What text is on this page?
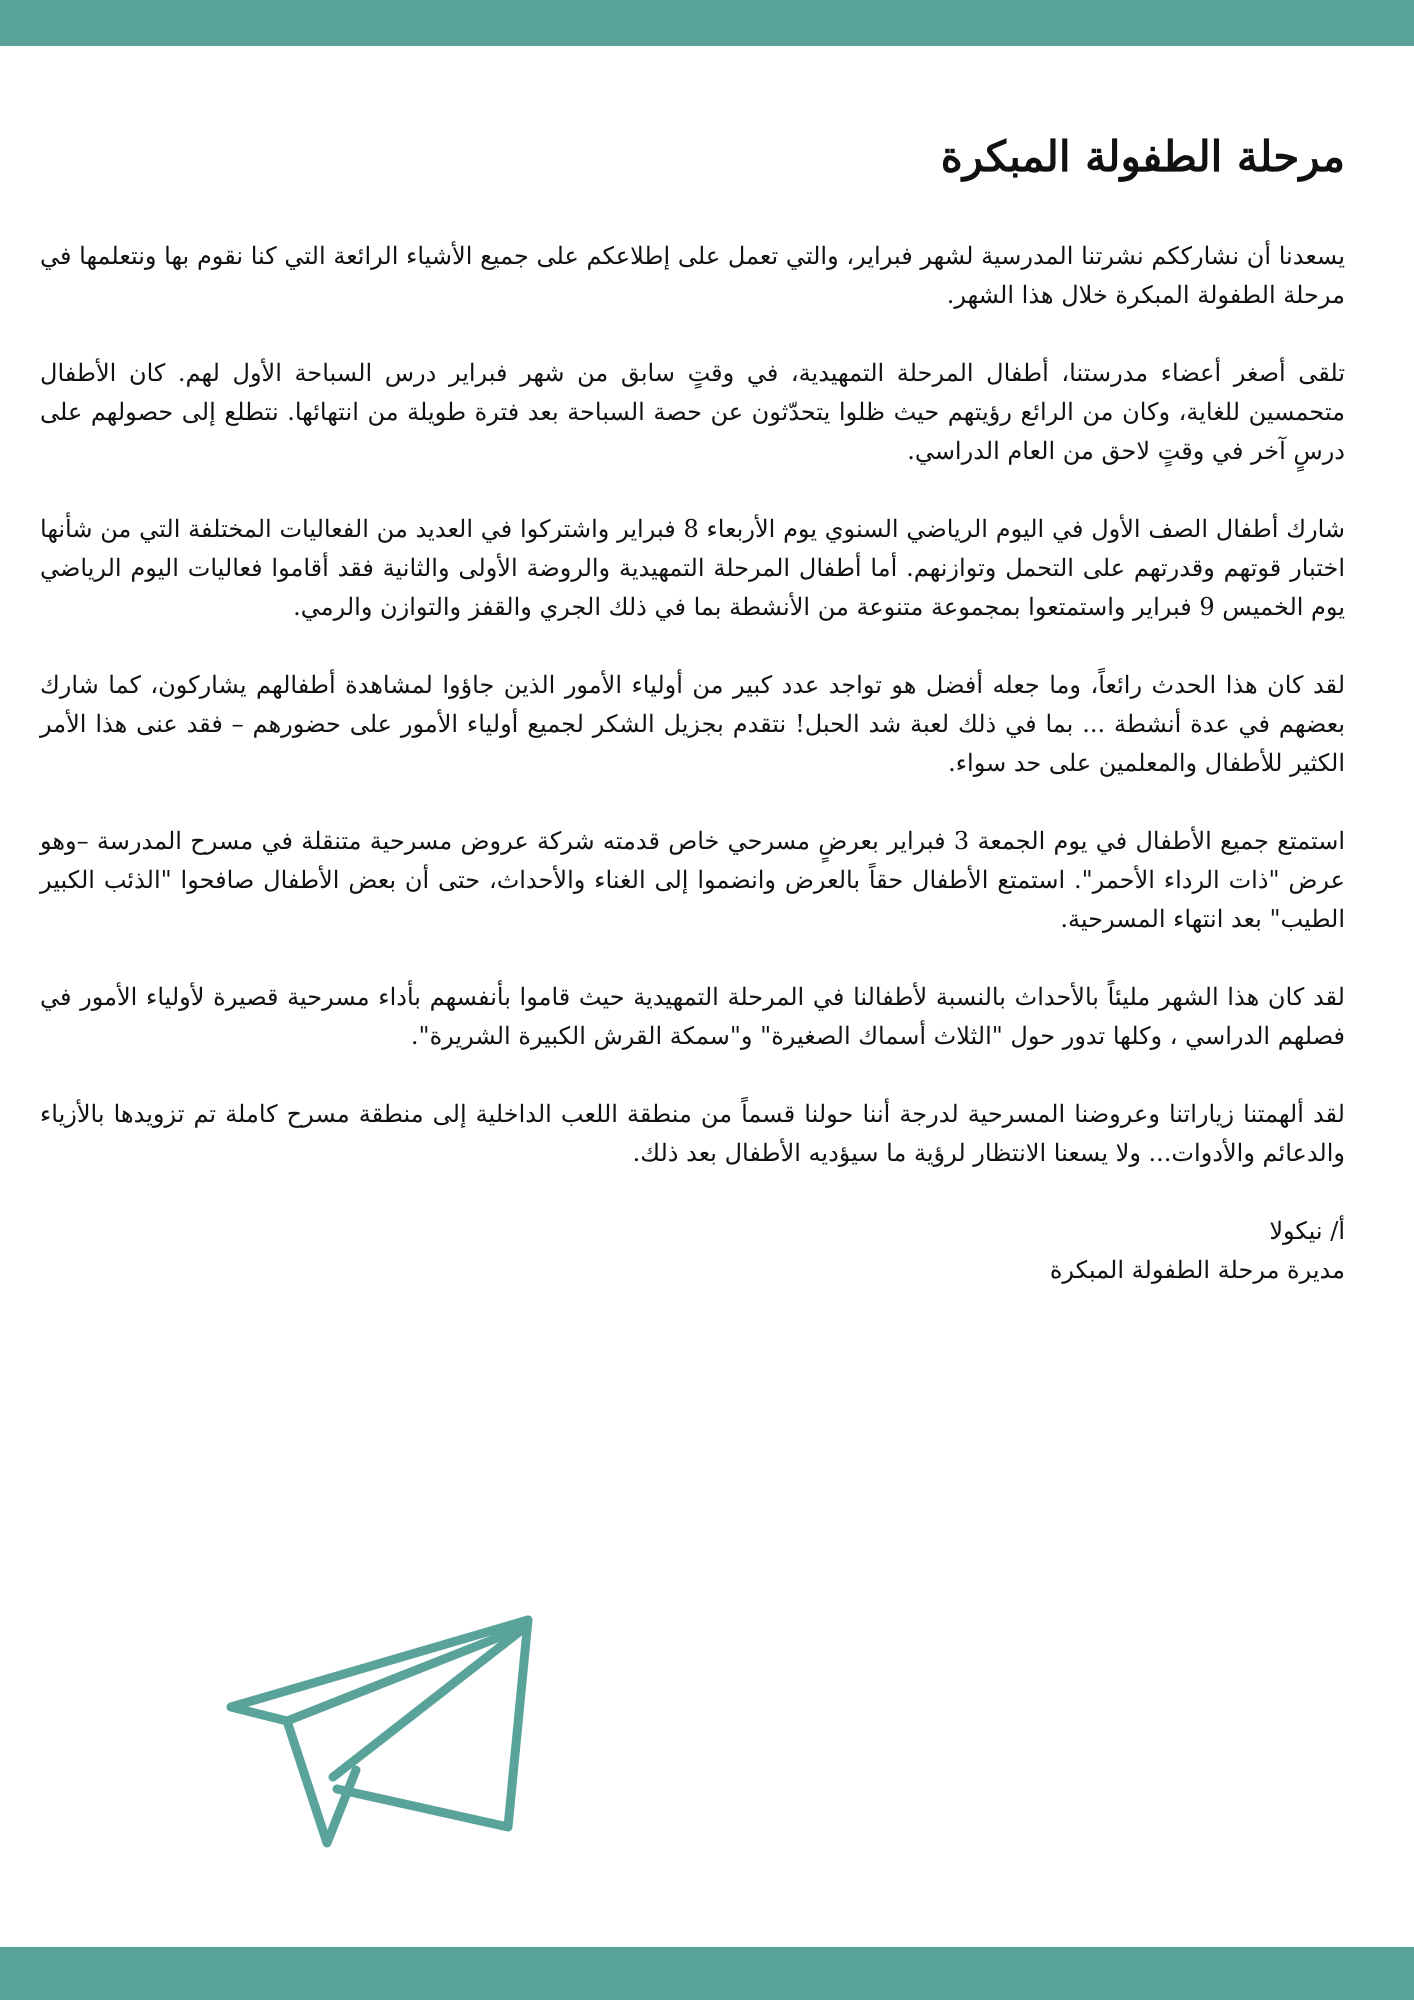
مرحلة الطفولة المبكرة

يسعدنا أن نشارككم نشرتنا المدرسية لشهر فبراير، والتي تعمل على إطلاعكم على جميع الأشياء الرائعة التي كنا نقوم بها ونتعلمها في مرحلة الطفولة المبكرة خلال هذا الشهر.

تلقى أصغر أعضاء مدرستنا، أطفال المرحلة التمهيدية، في وقتٍ سابق من شهر فبراير درس السباحة الأول لهم. كان الأطفال متحمسين للغاية، وكان من الرائع رؤيتهم حيث ظلوا يتحدّثون عن حصة السباحة بعد فترة طويلة من انتهائها. نتطلع إلى حصولهم على درسٍ آخر في وقتٍ لاحق من العام الدراسي.

شارك أطفال الصف الأول في اليوم الرياضي السنوي يوم الأربعاء 8 فبراير واشتركوا في العديد من الفعاليات المختلفة التي من شأنها اختبار قوتهم وقدرتهم على التحمل وتوازنهم. أما أطفال المرحلة التمهيدية والروضة الأولى والثانية فقد أقاموا فعاليات اليوم الرياضي يوم الخميس 9 فبراير واستمتعوا بمجموعة متنوعة من الأنشطة بما في ذلك الجري والقفز والتوازن والرمي.

لقد كان هذا الحدث رائعاً، وما جعله أفضل هو تواجد عدد كبير من أولياء الأمور الذين جاؤوا لمشاهدة أطفالهم يشاركون، كما شارك بعضهم في عدة أنشطة ... بما في ذلك لعبة شد الحبل! نتقدم بجزيل الشكر لجميع أولياء الأمور على حضورهم – فقد عنى هذا الأمر الكثير للأطفال والمعلمين على حد سواء.

استمتع جميع الأطفال في يوم الجمعة 3 فبراير بعرضٍ مسرحي خاص قدمته شركة عروض مسرحية متنقلة في مسرح المدرسة –وهو عرض "ذات الرداء الأحمر". استمتع الأطفال حقاً بالعرض وانضموا إلى الغناء والأحداث، حتى أن بعض الأطفال صافحوا "الذئب الكبير الطيب" بعد انتهاء المسرحية.

لقد كان هذا الشهر مليئاً بالأحداث بالنسبة لأطفالنا في المرحلة التمهيدية حيث قاموا بأنفسهم بأداء مسرحية قصيرة لأولياء الأمور في فصلهم الدراسي ، وكلها تدور حول "الثلاث أسماك الصغيرة" و"سمكة القرش الكبيرة الشريرة".

لقد ألهمتنا زياراتنا وعروضنا المسرحية لدرجة أننا حولنا قسماً من منطقة اللعب الداخلية إلى منطقة مسرح كاملة تم تزويدها بالأزياء والدعائم والأدوات... ولا يسعنا الانتظار لرؤية ما سيؤديه الأطفال بعد ذلك.

أ/ نيكولا
مديرة مرحلة الطفولة المبكرة
